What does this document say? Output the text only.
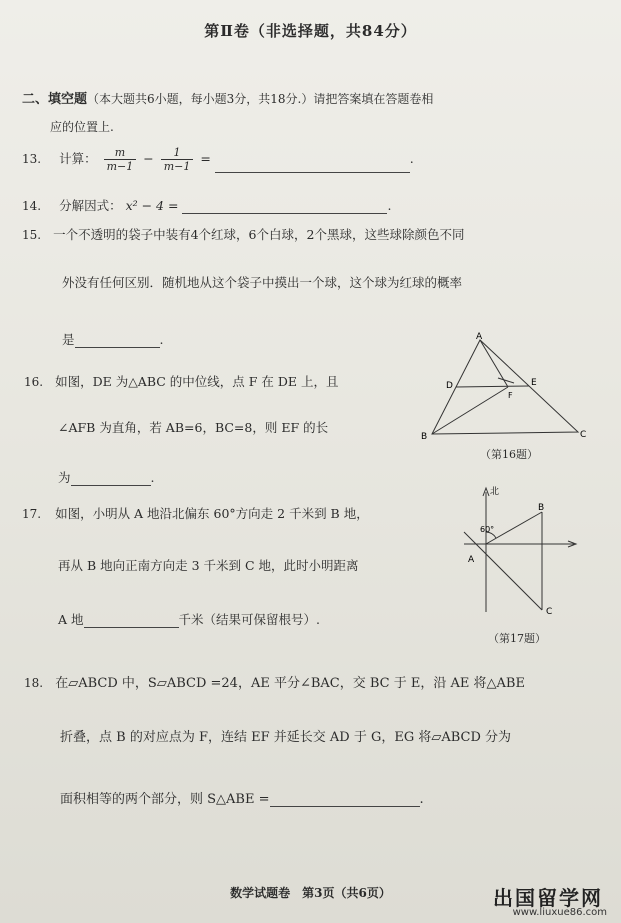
第Ⅱ卷（非选择题，共84分）
二、填空题（本大题共6小题，每小题3分，共18分.）请把答案填在答题卷相
应的位置上.
13. 计算： $\frac{m}{m-1} - \frac{1}{m-1}$ =	.
14. 分解因式： x² − 4 =	.
15. 一个不透明的袋子中装有4个红球，6个白球，2个黑球，这些球除颜色不同
外没有任何区别．随机地从这个袋子中摸出一个球，这个球为红球的概率
是	.
16. 如图，DE 为△ABC 的中位线，点 F 在 DE 上，且
∠AFB 为直角，若 AB=6，BC=8，则 EF 的长
为	.
A
B	C
D	E
F
（第16题）
17. 如图，小明从 A 地沿北偏东 60°方向走 2 千米到 B 地，
再从 B 地向正南方向走 3 千米到 C 地，此时小明距离
A 地	千米（结果可保留根号）.
北
60°
A
B
C
（第17题）
18. 在▱ABCD 中，S▱ABCD =24，AE 平分∠BAC，交 BC 于 E，沿 AE 将△ABE
折叠，点 B 的对应点为 F，连结 EF 并延长交 AD 于 G，EG 将▱ABCD 分为
面积相等的两个部分，则 S△ABE =	.
数学试题卷　第3页（共6页）	出国留学网
www.liuxue86.com
